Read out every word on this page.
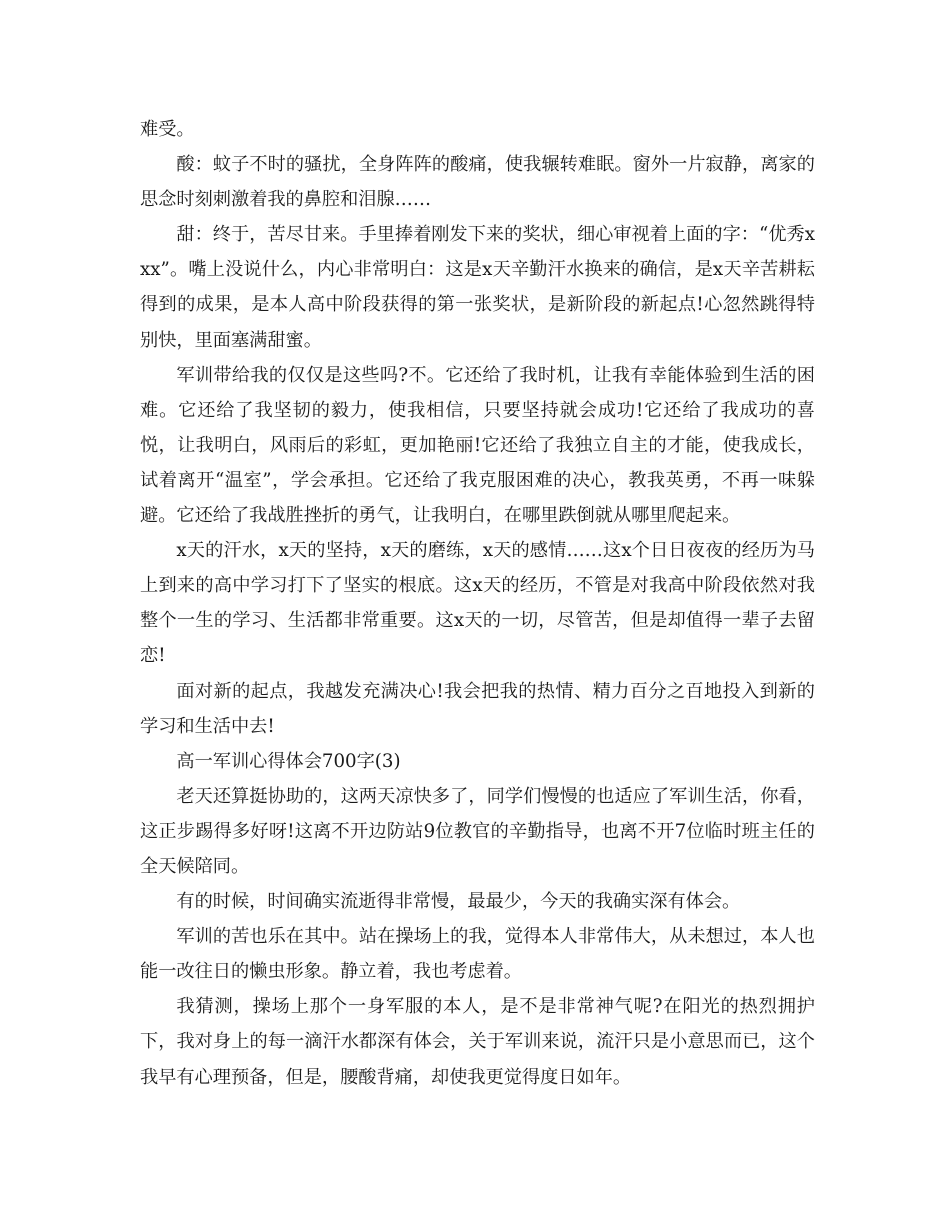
难受。

酸：蚊子不时的骚扰，全身阵阵的酸痛，使我辗转难眠。窗外一片寂静，离家的思念时刻刺激着我的鼻腔和泪腺……

甜：终于，苦尽甘来。手里捧着刚发下来的奖状，细心审视着上面的字：“优秀xxx”。嘴上没说什么，内心非常明白：这是x天辛勤汗水换来的确信，是x天辛苦耕耘得到的成果，是本人高中阶段获得的第一张奖状，是新阶段的新起点!心忽然跳得特别快，里面塞满甜蜜。

军训带给我的仅仅是这些吗?不。它还给了我时机，让我有幸能体验到生活的困难。它还给了我坚韧的毅力，使我相信，只要坚持就会成功!它还给了我成功的喜悦，让我明白，风雨后的彩虹，更加艳丽!它还给了我独立自主的才能，使我成长，试着离开“温室”，学会承担。它还给了我克服困难的决心，教我英勇，不再一味躲避。它还给了我战胜挫折的勇气，让我明白，在哪里跌倒就从哪里爬起来。

x天的汗水，x天的坚持，x天的磨练，x天的感情……这x个日日夜夜的经历为马上到来的高中学习打下了坚实的根底。这x天的经历，不管是对我高中阶段依然对我整个一生的学习、生活都非常重要。这x天的一切，尽管苦，但是却值得一辈子去留恋!

面对新的起点，我越发充满决心!我会把我的热情、精力百分之百地投入到新的学习和生活中去!

高一军训心得体会700字(3)

老天还算挺协助的，这两天凉快多了，同学们慢慢的也适应了军训生活，你看，这正步踢得多好呀!这离不开边防站9位教官的辛勤指导，也离不开7位临时班主任的全天候陪同。

有的时候，时间确实流逝得非常慢，最最少，今天的我确实深有体会。

军训的苦也乐在其中。站在操场上的我，觉得本人非常伟大，从未想过，本人也能一改往日的懒虫形象。静立着，我也考虑着。

我猜测，操场上那个一身军服的本人，是不是非常神气呢?在阳光的热烈拥护下，我对身上的每一滴汗水都深有体会，关于军训来说，流汗只是小意思而已，这个我早有心理预备，但是，腰酸背痛，却使我更觉得度日如年。
